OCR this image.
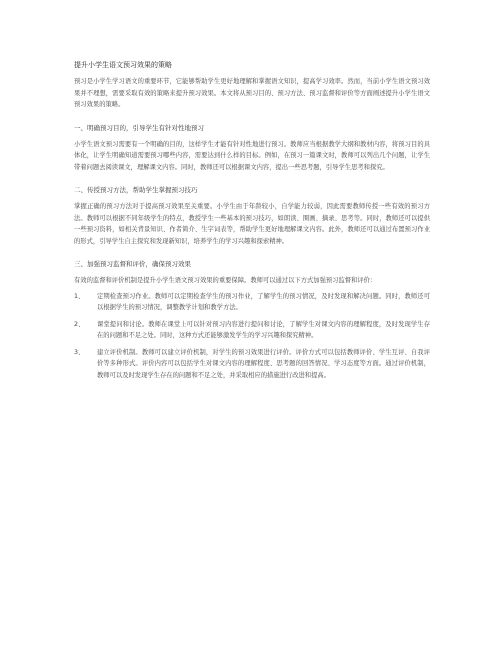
提升小学生语文预习效果的策略

预习是小学生学习语文的重要环节，它能够帮助学生更好地理解和掌握语文知识，提高学习效率。然而，当前小学生语文预习效果并不理想，需要采取有效的策略来提升预习效果。本文将从预习目的、预习方法、预习监督和评价等方面阐述提升小学生语文预习效果的策略。

一、明确预习目的，引导学生有针对性地预习

小学生语文预习需要有一个明确的目的，这样学生才能有针对性地进行预习。教师应当根据教学大纲和教材内容，将预习目的具体化，让学生明确知道需要预习哪些内容，需要达到什么样的目标。例如，在预习一篇课文时，教师可以列出几个问题，让学生带着问题去阅读课文，理解课文内容。同时，教师还可以根据课文内容，提出一些思考题，引导学生思考和探究。

二、传授预习方法，帮助学生掌握预习技巧

掌握正确的预习方法对于提高预习效果至关重要。小学生由于年龄较小，自学能力较弱，因此需要教师传授一些有效的预习方法。教师可以根据不同年级学生的特点，教授学生一些基本的预习技巧，如朗读、圈画、摘录、思考等。同时，教师还可以提供一些预习资料，如相关背景知识、作者简介、生字词表等，帮助学生更好地理解课文内容。此外，教师还可以通过布置预习作业的形式，引导学生自主探究和发现新知识，培养学生的学习兴趣和探索精神。

三、加强预习监督和评价，确保预习效果

有效的监督和评价机制是提升小学生语文预习效果的重要保障。教师可以通过以下方式加强预习监督和评价：

1、	定期检查预习作业。教师可以定期检查学生的预习作业，了解学生的预习情况，及时发现和解决问题。同时，教师还可以根据学生的预习情况，调整教学计划和教学方法。
2、	课堂提问和讨论。教师在课堂上可以针对预习内容进行提问和讨论，了解学生对课文内容的理解程度，及时发现学生存在的问题和不足之处。同时，这种方式还能够激发学生的学习兴趣和探究精神。
3、	建立评价机制。教师可以建立评价机制，对学生的预习效果进行评价。评价方式可以包括教师评价、学生互评、自我评价等多种形式。评价内容可以包括学生对课文内容的理解程度、思考题的回答情况、学习态度等方面。通过评价机制，教师可以及时发现学生存在的问题和不足之处，并采取相应的措施进行改进和提高。
